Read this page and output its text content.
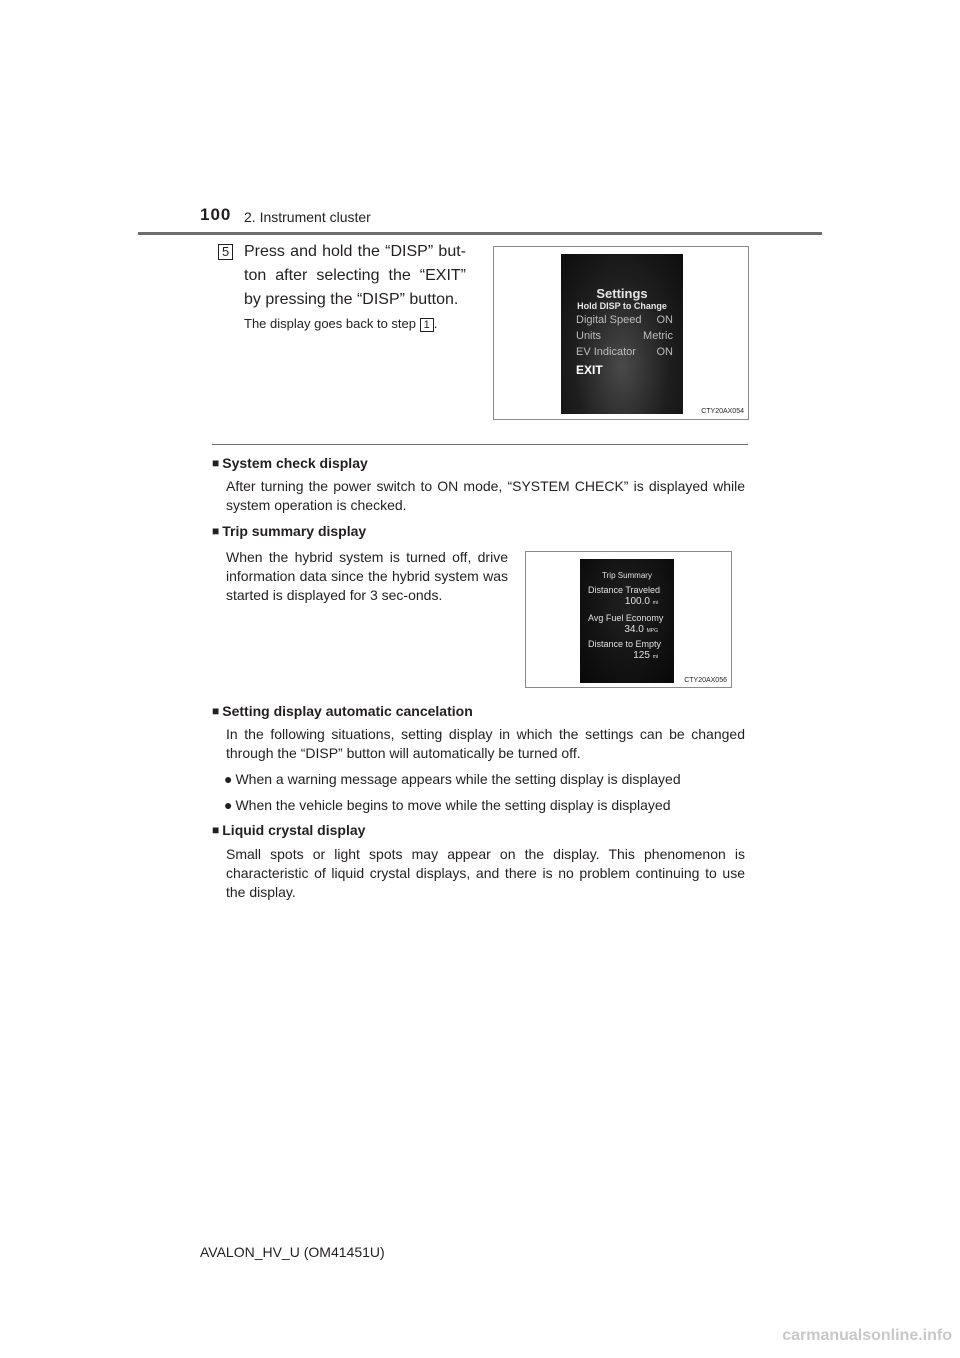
100 2. Instrument cluster
5 Press and hold the “DISP” but-ton after selecting the “EXIT” by pressing the “DISP” button.
The display goes back to step 1 .
Settings
Hold DISP to Change
Digital Speed ON
Units	Metric
EV Indicator ON
EXIT
CTY20AX054
■ System check display
After turning the power switch to ON mode, “SYSTEM CHECK” is displayed while system operation is checked.
■ Trip summary display
When the hybrid system is turned off, drive information data since the hybrid system was started is displayed for 3 sec-onds.
Trip Summary
Distance Traveled
100.0 mi
Avg Fuel Economy
34.0 MPG
Distance to Empty
125 mi
CTY20AX056
■ Setting display automatic cancelation
In the following situations, setting display in which the settings can be changed through the “DISP” button will automatically be turned off.
● When a warning message appears while the setting display is displayed
● When the vehicle begins to move while the setting display is displayed
■ Liquid crystal display
Small spots or light spots may appear on the display. This phenomenon is characteristic of liquid crystal displays, and there is no problem continuing to use the display.
AVALON_HV_U (OM41451U)
carmanualsonline.info
